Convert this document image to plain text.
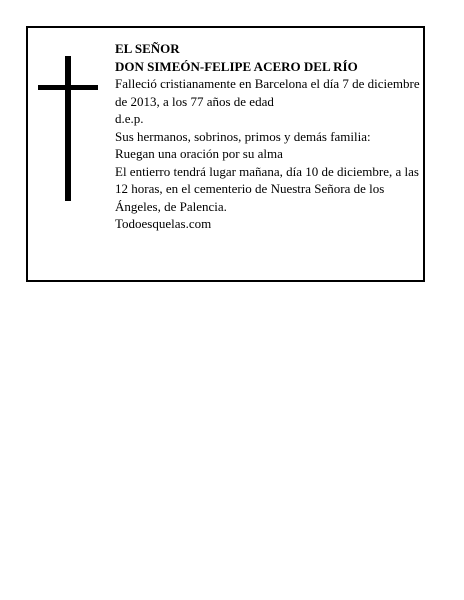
EL SEÑOR

DON SIMEÓN-FELIPE ACERO DEL RÍO

Falleció cristianamente en Barcelona el día 7 de diciembre de 2013, a los 77 años de edad

d.e.p.

Sus hermanos, sobrinos, primos y demás familia:

Ruegan una oración por su alma

El entierro tendrá lugar mañana, día 10 de diciembre, a las 12 horas, en el cementerio de Nuestra Señora de los Ángeles, de Palencia.

Todoesquelas.com
